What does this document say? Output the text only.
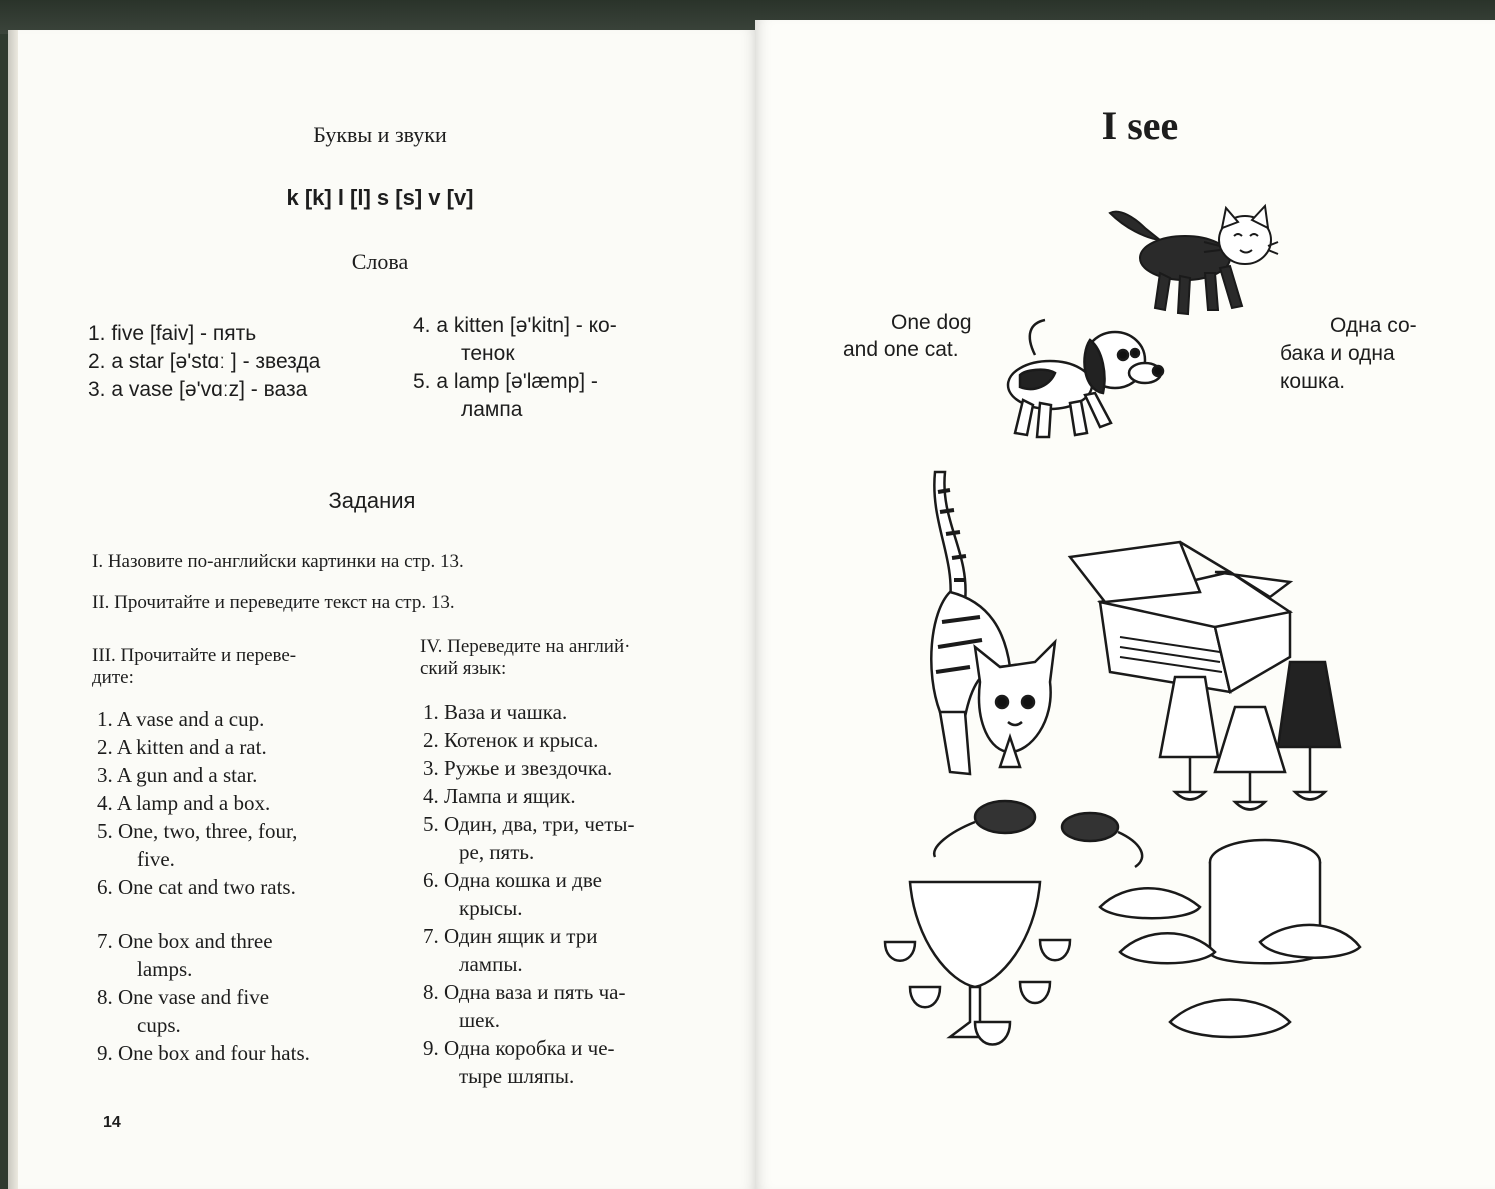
Буквы и звуки
k [k] l [l] s [s] v [v]
Слова
1. five [faiv] - пять
2. a star [ə'stɑː ] - звезда
3. a vase [ə'vɑːz] - ваза
4. a kitten [ə'kitn] - ко-
тенок
5. a lamp [ə'læmp] -
лампа
Задания
I. Назовите по-английски картинки на стр. 13.
II. Прочитайте и переведите текст на стр. 13.
III. Прочитайте и переве-
дите:
IV. Переведите на англий·
ский язык:
1. A vase and a cup.
2. A kitten and a rat.
3. A gun and a star.
4. A lamp and a box.
5. One, two, three, four,
five.
6. One cat and two rats.
7. One box and three
lamps.
8. One vase and five
cups.
9. One box and four hats.
1. Ваза и чашка.
2. Котенок и крыса.
3. Ружье и звездочка.
4. Лампа и ящик.
5. Один, два, три, четы-
ре, пять.
6. Одна кошка и две
крысы.
7. Один ящик и три
лампы.
8. Одна ваза и пять ча-
шек.
9. Одна коробка и че-
тыре шляпы.
14
I see
One dog
and one cat.
Одна со-
бака и одна
кошка.
